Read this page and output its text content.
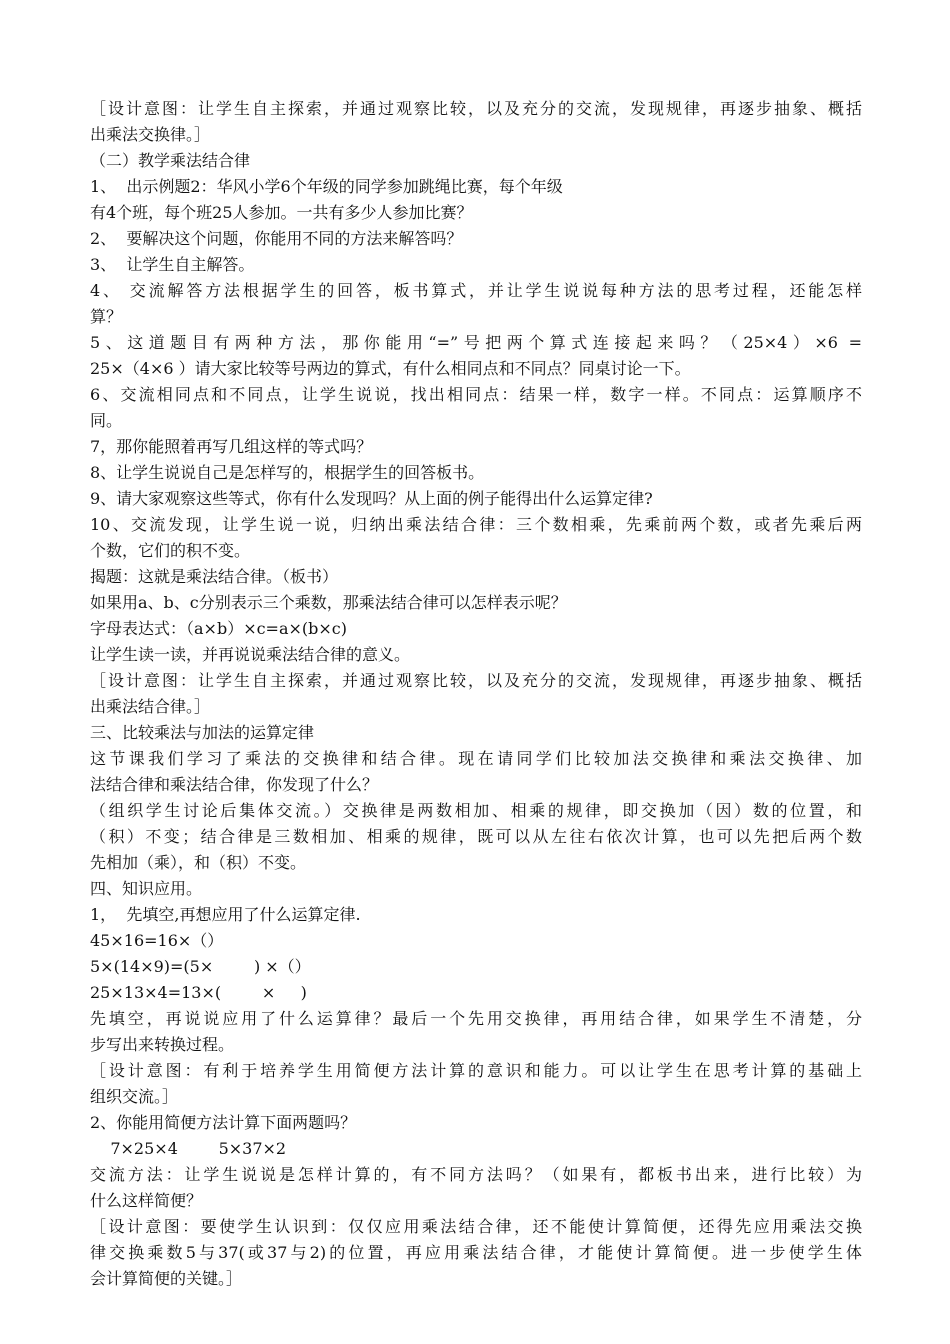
［设计意图：让学生自主探索，并通过观察比较，以及充分的交流，发现规律，再逐步抽象、概括
出乘法交换律。］
（二）教学乘法结合律
1、  出示例题2：华风小学6个年级的同学参加跳绳比赛，每个年级
有4个班，每个班25人参加。一共有多少人参加比赛？
2、  要解决这个问题，你能用不同的方法来解答吗？
3、  让学生自主解答。
4、 交流解答方法根据学生的回答，板书算式，并让学生说说每种方法的思考过程，还能怎样
算？
5、这道题目有两种方法，那你能用“=”号把两个算式连接起来吗？（25×4）×6 =
25×（4×6 ）请大家比较等号两边的算式，有什么相同点和不同点？同桌讨论一下。
6、交流相同点和不同点，让学生说说，找出相同点：结果一样，数字一样。不同点：运算顺序不
同。
7，那你能照着再写几组这样的等式吗？
8、让学生说说自己是怎样写的，根据学生的回答板书。
9、请大家观察这些等式，你有什么发现吗？从上面的例子能得出什么运算定律?
10、交流发现，让学生说一说，归纳出乘法结合律：三个数相乘，先乘前两个数，或者先乘后两
个数，它们的积不变。
揭题：这就是乘法结合律。（板书）
如果用a、b、c分别表示三个乘数，那乘法结合律可以怎样表示呢？
字母表达式：（a×b）×c=a×(b×c)
让学生读一读，并再说说乘法结合律的意义。
［设计意图：让学生自主探索，并通过观察比较，以及充分的交流，发现规律，再逐步抽象、概括
出乘法结合律。］
三、比较乘法与加法的运算定律
这节课我们学习了乘法的交换律和结合律。现在请同学们比较加法交换律和乘法交换律、加
法结合律和乘法结合律，你发现了什么？
（组织学生讨论后集体交流。）交换律是两数相加、相乘的规律，即交换加（因）数的位置，和
（积）不变；结合律是三数相加、相乘的规律，既可以从左往右依次计算，也可以先把后两个数
先相加（乘），和（积）不变。
四、知识应用。
1，  先填空,再想应用了什么运算定律.
45×16=16×（）
5×(14×9)=(5×        ) ×（）
25×13×4=13×(        ×     )
先填空，再说说应用了什么运算律？最后一个先用交换律，再用结合律，如果学生不清楚，分
步写出来转换过程。
［设计意图：有利于培养学生用简便方法计算的意识和能力。可以让学生在思考计算的基础上
组织交流。］
2、你能用简便方法计算下面两题吗？
7×25×4        5×37×2
交流方法：让学生说说是怎样计算的，有不同方法吗？（如果有，都板书出来，进行比较）为
什么这样简便？
［设计意图：要使学生认识到：仅仅应用乘法结合律，还不能使计算简便，还得先应用乘法交换
律交换乘数5与37(或37与2)的位置，再应用乘法结合律，才能使计算简便。进一步使学生体
会计算简便的关键。］
